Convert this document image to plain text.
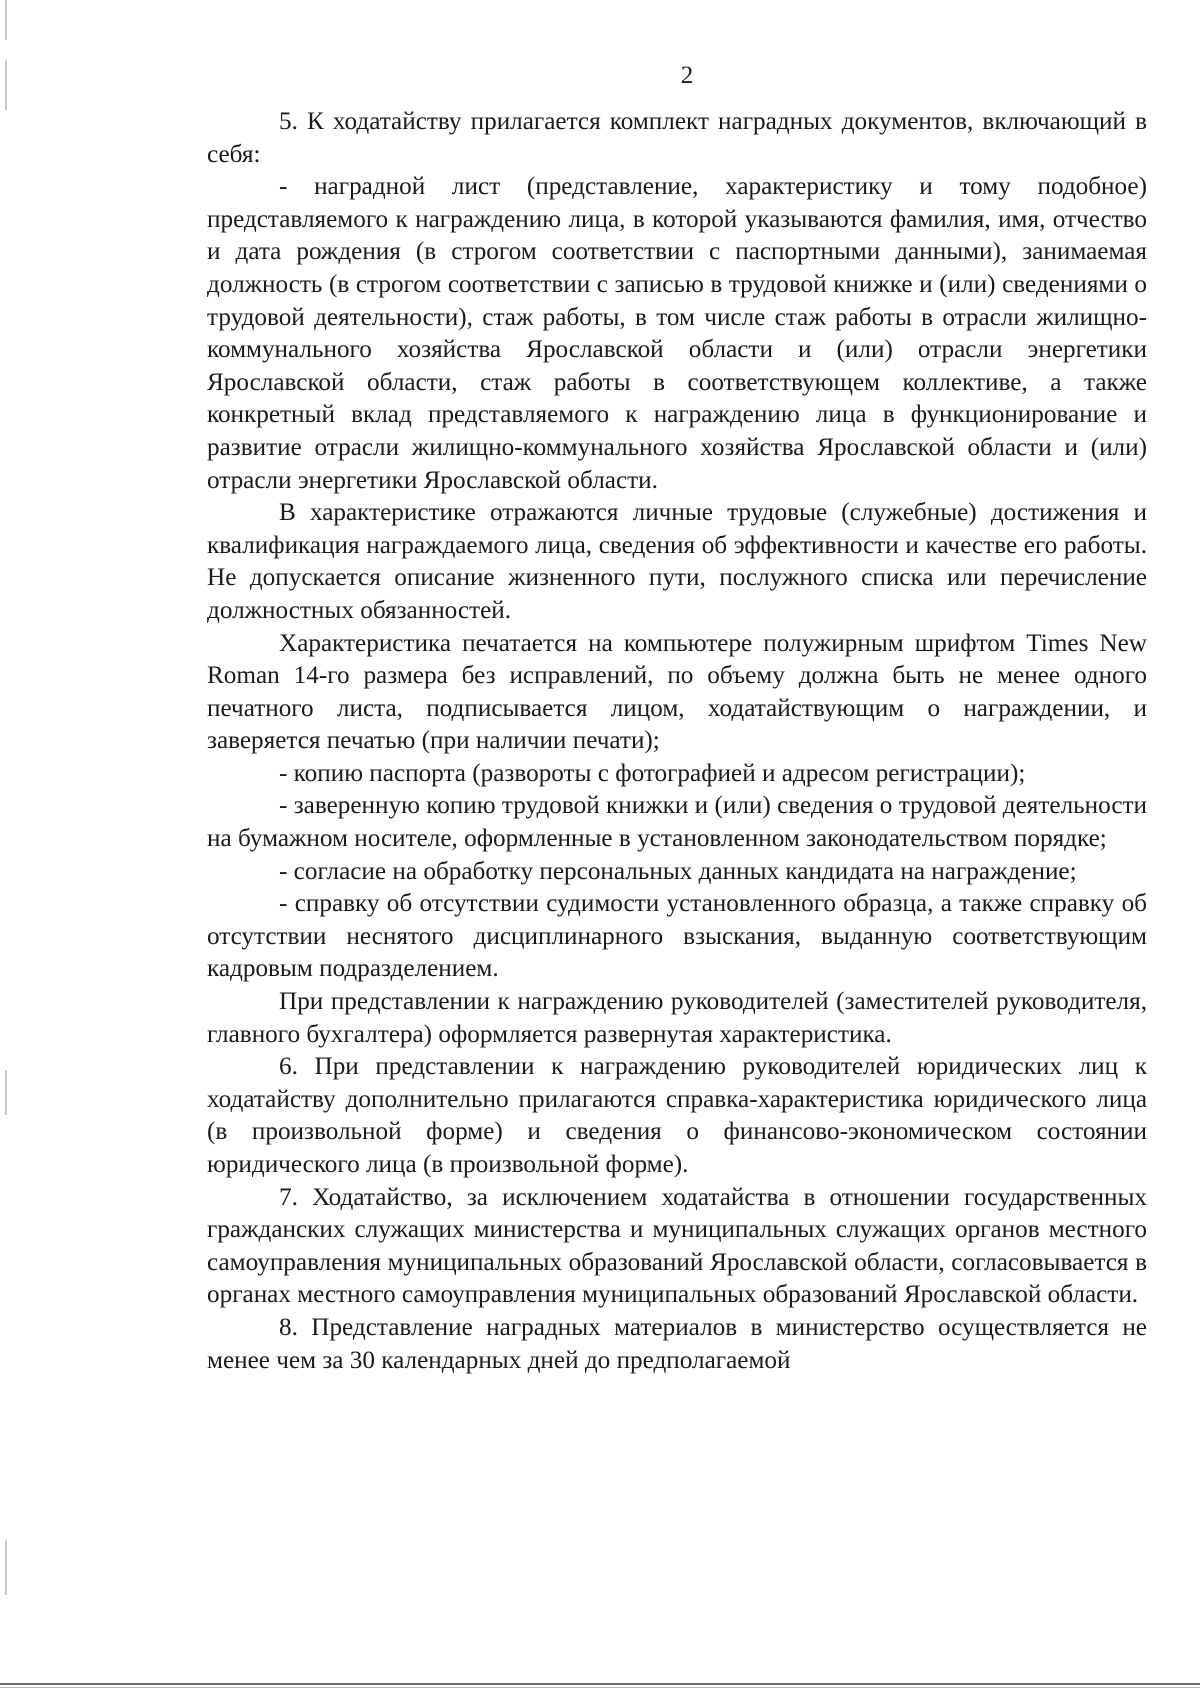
2

5. К ходатайству прилагается комплект наградных документов, включающий в себя:

- наградной лист (представление, характеристику и тому подобное) представляемого к награждению лица, в которой указываются фамилия, имя, отчество и дата рождения (в строгом соответствии с паспортными данными), занимаемая должность (в строгом соответствии с записью в трудовой книжке и (или) сведениями о трудовой деятельности), стаж работы, в том числе стаж работы в отрасли жилищно-коммунального хозяйства Ярославской области и (или) отрасли энергетики Ярославской области, стаж работы в соответствующем коллективе, а также конкретный вклад представляемого к награждению лица в функционирование и развитие отрасли жилищно-коммунального хозяйства Ярославской области и (или) отрасли энергетики Ярославской области.

В характеристике отражаются личные трудовые (служебные) достижения и квалификация награждаемого лица, сведения об эффективности и качестве его работы. Не допускается описание жизненного пути, послужного списка или перечисление должностных обязанностей.

Характеристика печатается на компьютере полужирным шрифтом Times New Roman 14-го размера без исправлений, по объему должна быть не менее одного печатного листа, подписывается лицом, ходатайствующим о награждении, и заверяется печатью (при наличии печати);

- копию паспорта (развороты с фотографией и адресом регистрации);

- заверенную копию трудовой книжки и (или) сведения о трудовой деятельности на бумажном носителе, оформленные в установленном законодательством порядке;

- согласие на обработку персональных данных кандидата на награждение;

- справку об отсутствии судимости установленного образца, а также справку об отсутствии неснятого дисциплинарного взыскания, выданную соответствующим кадровым подразделением.

При представлении к награждению руководителей (заместителей руководителя, главного бухгалтера) оформляется развернутая характеристика.

6. При представлении к награждению руководителей юридических лиц к ходатайству дополнительно прилагаются справка-характеристика юридического лица (в произвольной форме) и сведения о финансово-экономическом состоянии юридического лица (в произвольной форме).

7. Ходатайство, за исключением ходатайства в отношении государственных гражданских служащих министерства и муниципальных служащих органов местного самоуправления муниципальных образований Ярославской области, согласовывается в органах местного самоуправления муниципальных образований Ярославской области.

8. Представление наградных материалов в министерство осуществляется не менее чем за 30 календарных дней до предполагаемой
